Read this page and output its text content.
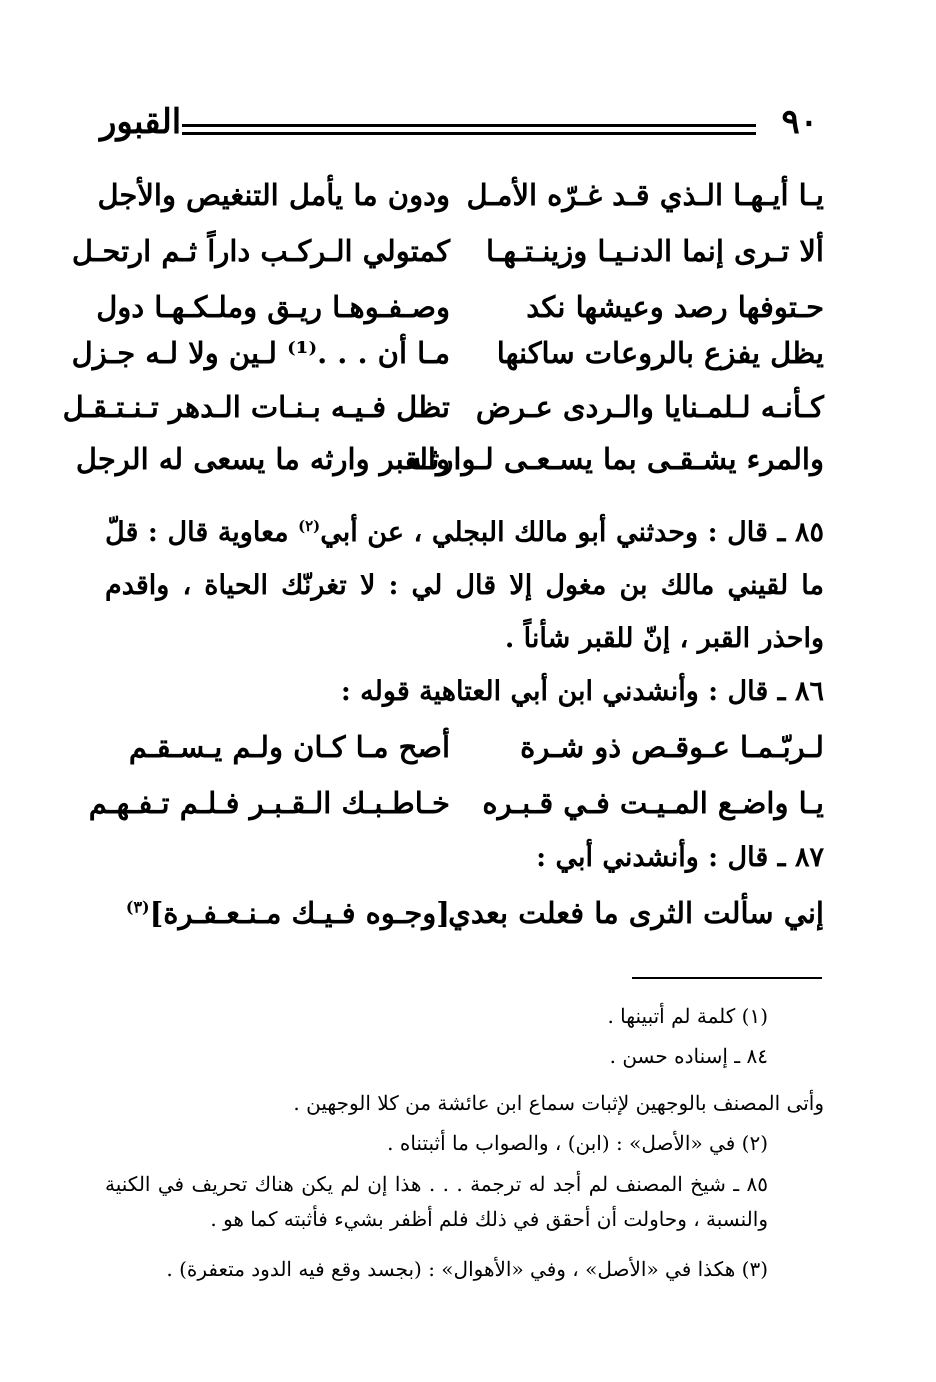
٩٠
القبور
يـا أيـهـا الـذي قـد غـرّه الأمـل
ودون ما يأمل التنغيص والأجل
ألا تـرى إنما الدنـيـا وزينـتـهـا
كمتولي الـركـب داراً ثـم ارتحـل
حـتوفها رصد وعيشها نكد
وصـفـوهـا ريـق وملـكـهـا دول
يظل يفزع بالروعات ساكنها
مـا أن . . .⁽¹⁾ لـين ولا لـه جـزل
كـأنـه لـلمـنايا والـردى عـرض
تظل فـيـه بـنـات الـدهر تـنـتـقـل
والمرء يشـقـى بما يسـعـى لـوارثـه
والقبر وارثه ما يسعى له الرجل
٨٥ ـ قال : وحدثني أبو مالك البجلي ، عن أبي$^{(٢)}$ معاوية قال : قلّ ما لقيني مالك بن مغول إلا قال لي : لا تغرنّك الحياة ، واقدم واحذر القبر ، إنّ للقبر شأناً .
٨٦ ـ قال : وأنشدني ابن أبي العتاهية قوله :
لـربّـمـا عـوقـص ذو شـرة
أصح مـا كـان ولـم يـسـقـم
يـا واضـع المـيـت فـي قـبـره
خـاطـبـك الـقـبـر فـلـم تـفـهـم
٨٧ ـ قال : وأنشدني أبي :
إني سألت الثرى ما فعلت بعدي
[وجـوه فـيـك مـنـعـفـرة]$^{(٣)}$
(١) كلمة لم أتبينها .
٨٤ ـ إسناده حسن .
وأتى المصنف بالوجهين لإثبات سماع ابن عائشة من كلا الوجهين .
(٢) في «الأصل» : (ابن) ، والصواب ما أثبتناه .
٨٥ ـ شيخ المصنف لم أجد له ترجمة . . . هذا إن لم يكن هناك تحريف في الكنية والنسبة ، وحاولت أن أحقق في ذلك فلم أظفر بشيء فأثبته كما هو .
(٣) هكذا في «الأصل» ، وفي «الأهوال» : (بجسد وقع فيه الدود متعفرة) .
